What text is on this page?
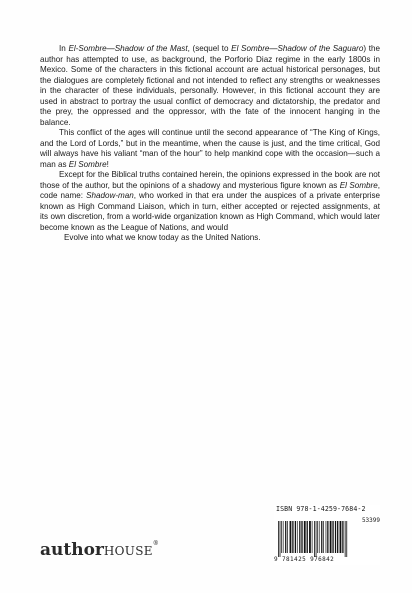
In El-Sombre—Shadow of the Mast, (sequel to El Sombre—Shadow of the Saguaro) the author has attempted to use, as background, the Porforio Diaz regime in the early 1800s in Mexico. Some of the characters in this fictional account are actual historical personages, but the dialogues are completely fictional and not intended to reflect any strengths or weaknesses in the character of these individuals, personally. However, in this fictional account they are used in abstract to portray the usual conflict of democracy and dictatorship, the predator and the prey, the oppressed and the oppressor, with the fate of the innocent hanging in the balance.

This conflict of the ages will continue until the second appearance of “The King of Kings, and the Lord of Lords,” but in the meantime, when the cause is just, and the time critical, God will always have his valiant “man of the hour” to help mankind cope with the occasion—such a man as El Sombre!

Except for the Biblical truths contained herein, the opinions expressed in the book are not those of the author, but the opinions of a shadowy and mysterious figure known as El Sombre, code name: Shadow-man, who worked in that era under the auspices of a private enterprise known as High Command Liaison, which in turn, either accepted or rejected assignments, at its own discretion, from a world-wide organization known as High Command, which would later become known as the League of Nations, and would

Evolve into what we know today as the United Nations.

authorHOUSE®
ISBN 978-1-4259-7684-2
53399
9 781425 976842
